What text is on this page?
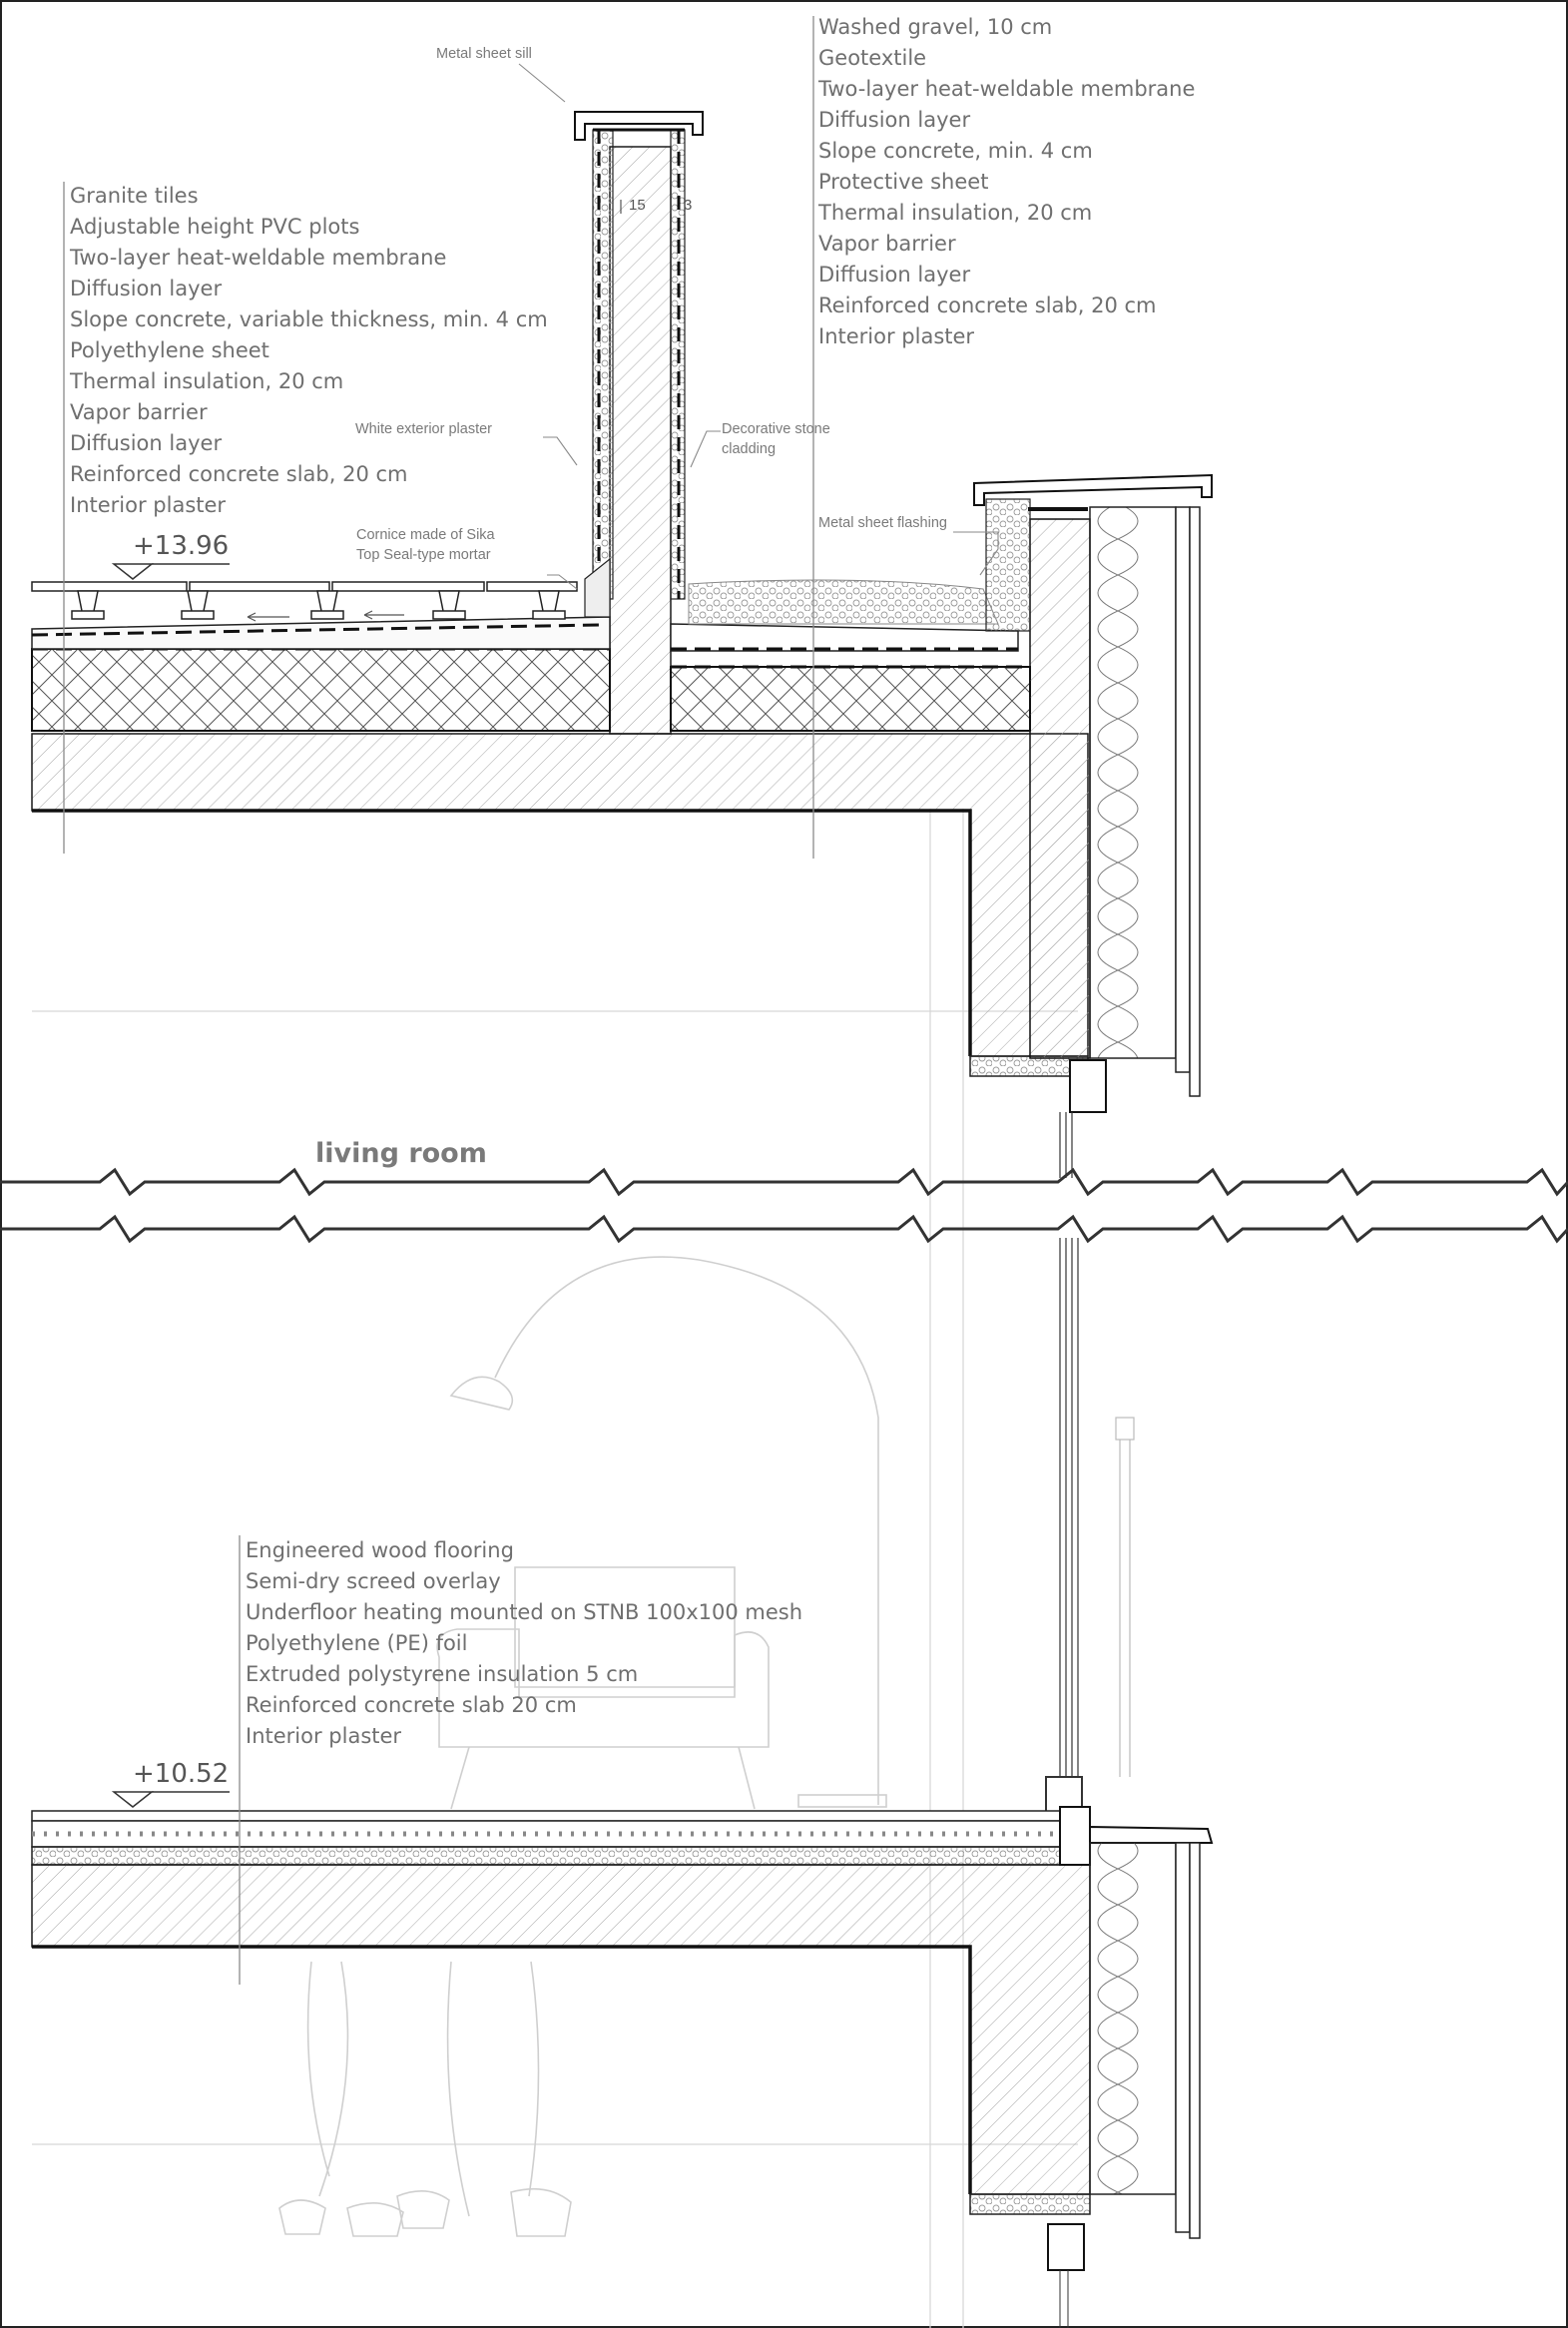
Granite tiles
Adjustable height PVC plots
Two-layer heat-weldable membrane
Diffusion layer
Slope concrete, variable thickness, min. 4 cm
Polyethylene sheet
Thermal insulation, 20 cm
Vapor barrier
Diffusion layer
Reinforced concrete slab, 20 cm
Interior plaster
Washed gravel, 10 cm
Geotextile
Two-layer heat-weldable membrane
Diffusion layer
Slope concrete, min. 4 cm
Protective sheet
Thermal insulation, 20 cm
Vapor barrier
Diffusion layer
Reinforced concrete slab, 20 cm
Interior plaster
Engineered wood flooring
Semi-dry screed overlay
Underfloor heating mounted on STNB 100x100 mesh
Polyethylene (PE) foil
Extruded polystyrene insulation 5 cm
Reinforced concrete slab 20 cm
Interior plaster
Metal sheet sill
White exterior plaster
Cornice made of Sika
Top Seal-type mortar
Decorative stone
cladding
Metal sheet flashing
+13.96
+10.52
living room
15	3
